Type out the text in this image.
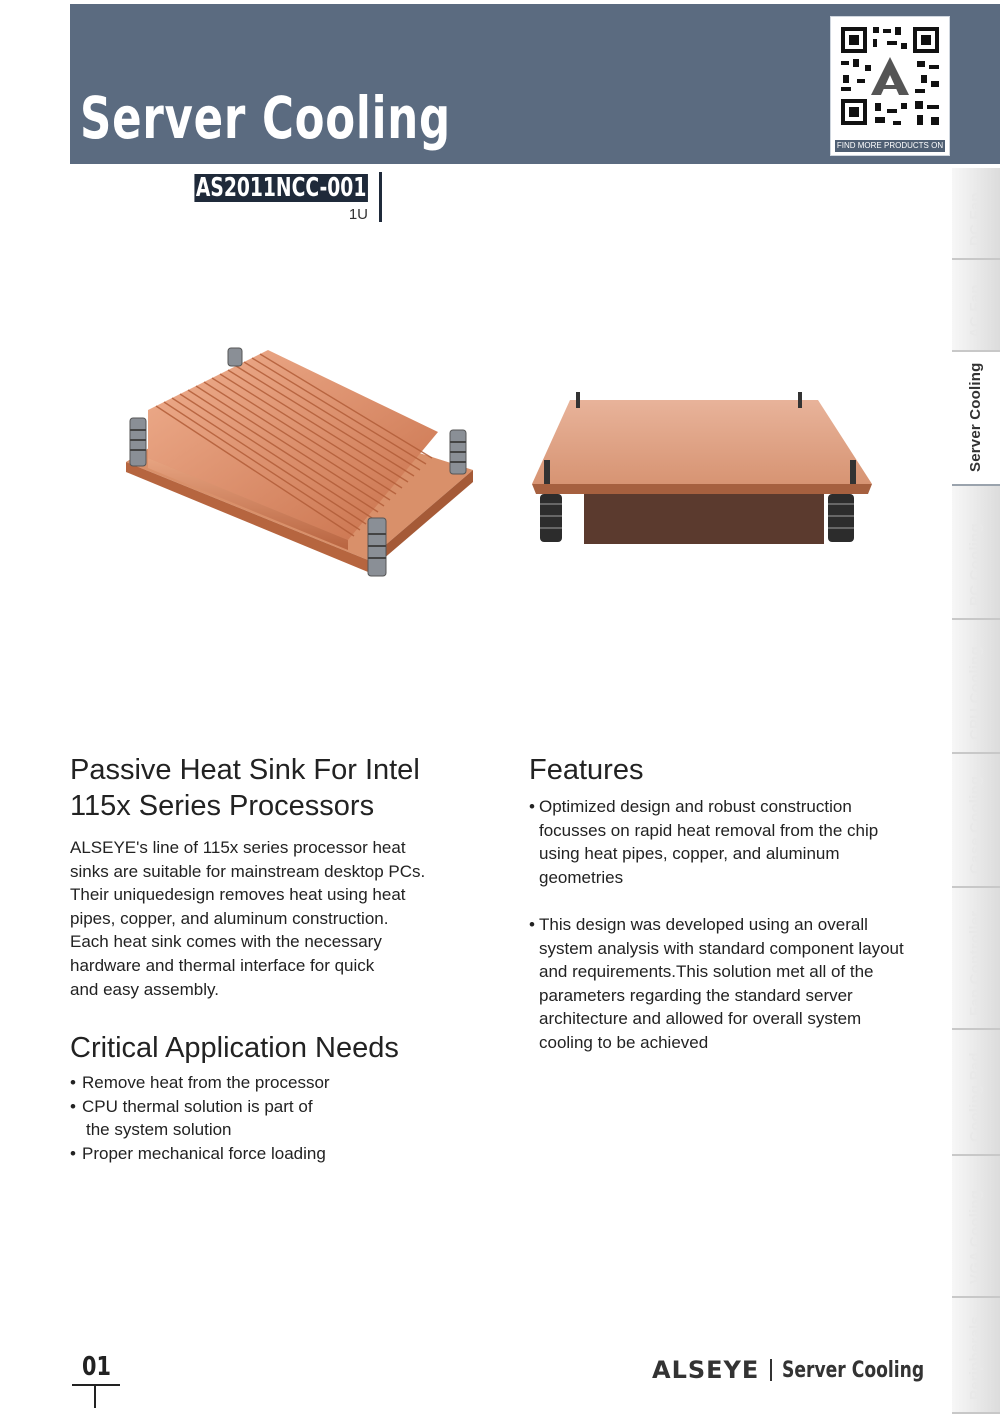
Server Cooling	FIND MORE PRODUCTS ON
AS2011NCC-001
1U
Passive Heat Sink For Intel
115x Series Processors
ALSEYE's line of 115x series processor heat
sinks are suitable for mainstream desktop PCs.
Their uniquedesign removes heat using heat
pipes, copper, and aluminum construction.
Each heat sink comes with the necessary
hardware and thermal interface for quick
and easy assembly.
Critical Application Needs
• Remove heat from the processor
• CPU thermal solution is part of
the system solution
• Proper mechanical force loading
Features
• Optimized design and robust construction focusses on rapid heat removal from the chip using heat pipes, copper, and aluminum geometries
• This design was developed using an overall system analysis with standard component layout and requirements.This solution met all of the parameters regarding the standard server architecture and allowed for overall system cooling to be achieved
DC Fan
AC Fan
Server Cooling
PC Cooling
CPU Cooling
Case Cooling
Fan Controller
Cooling Pad
VGA Cooling
Peripherals
01	ALSEYE Server Cooling
